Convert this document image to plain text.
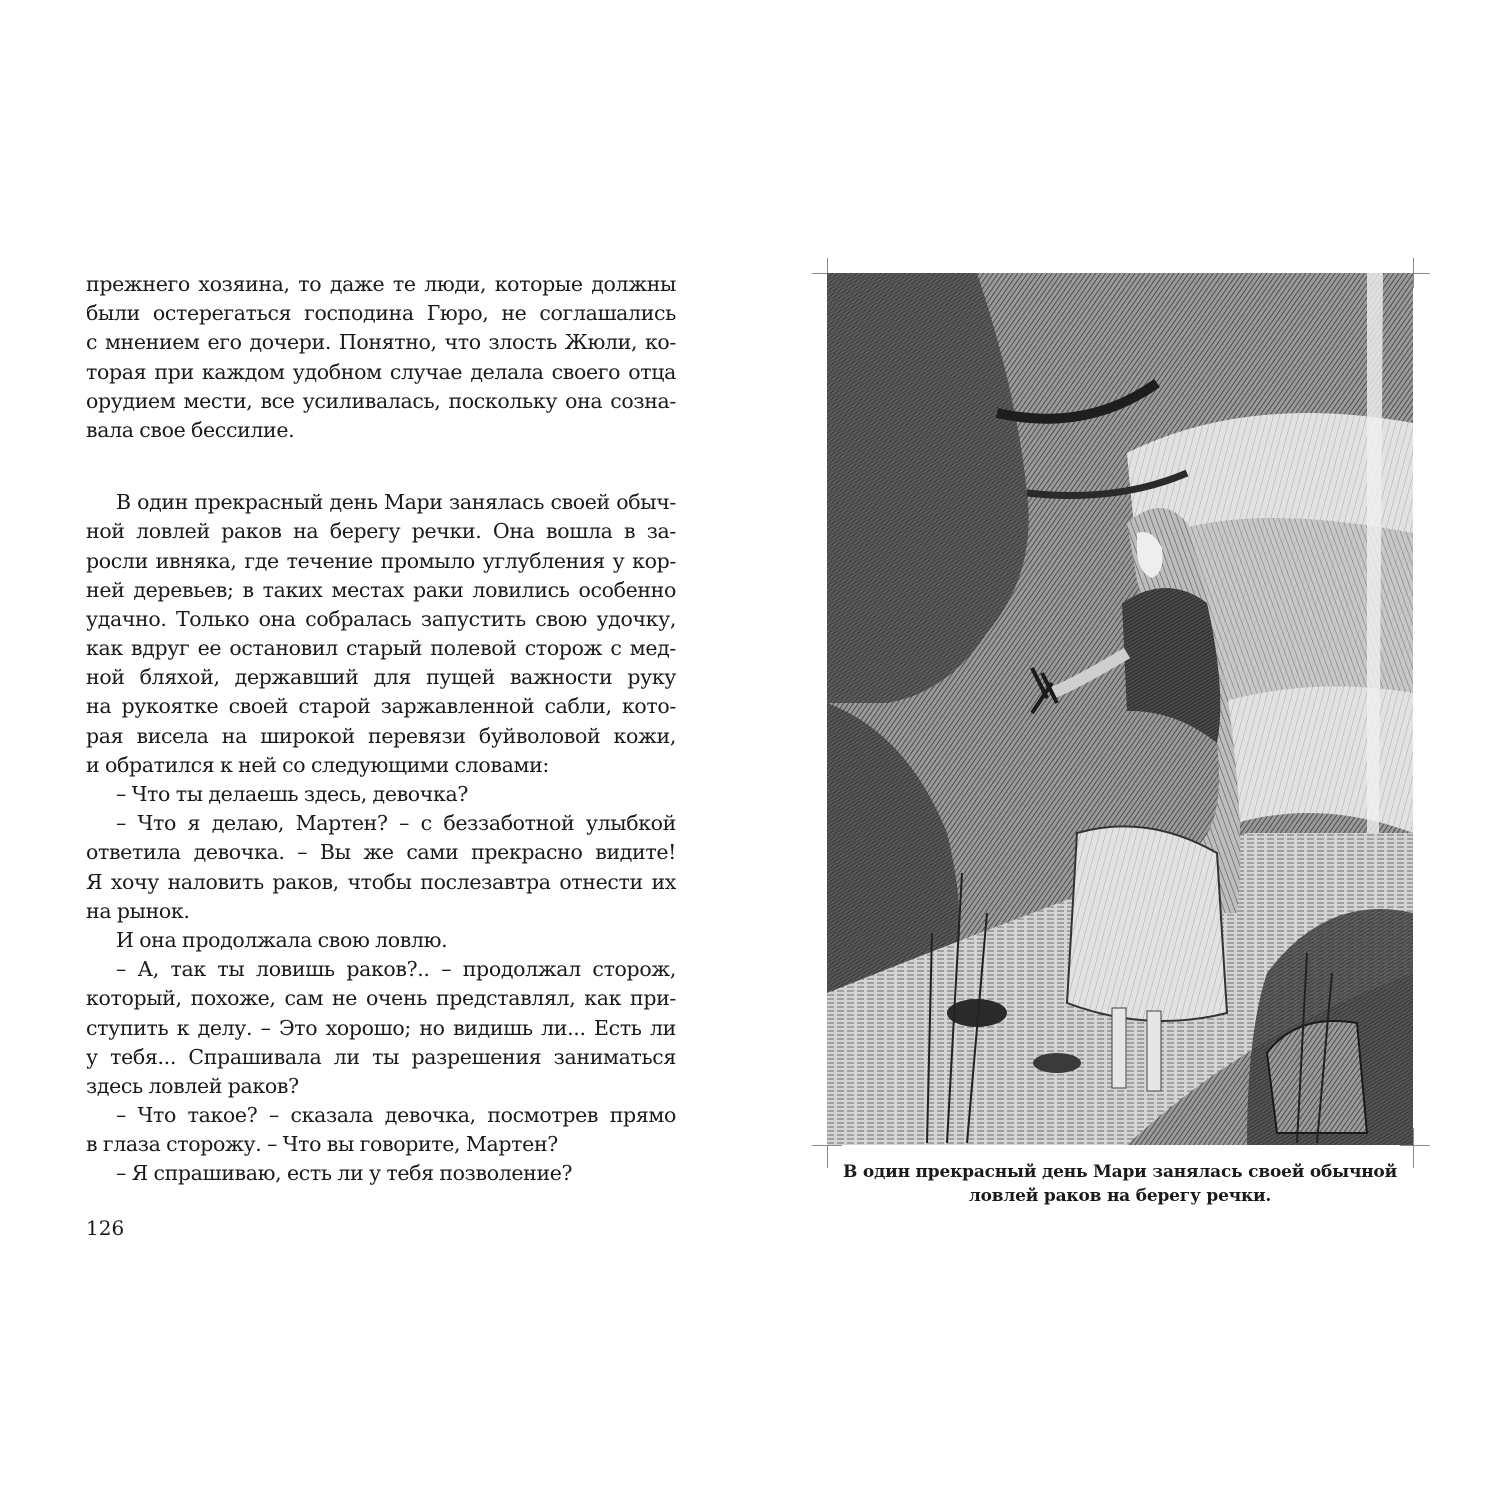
прежнего хозяина, то даже те люди, которые должны
были остерегаться господина Гюро, не соглашались
с мнением его дочери. Понятно, что злость Жюли, ко-
торая при каждом удобном случае делала своего отца
орудием мести, все усиливалась, поскольку она созна-
вала свое бессилие.
В один прекрасный день Мари занялась своей обыч-
ной ловлей раков на берегу речки. Она вошла в за-
росли ивняка, где течение промыло углубления у кор-
ней деревьев; в таких местах раки ловились особенно
удачно. Только она собралась запустить свою удочку,
как вдруг ее остановил старый полевой сторож с мед-
ной бляхой, державший для пущей важности руку
на рукоятке своей старой заржавленной сабли, кото-
рая висела на широкой перевязи буйволовой кожи,
и обратился к ней со следующими словами:
– Что ты делаешь здесь, девочка?
– Что я делаю, Мартен? – с беззаботной улыбкой
ответила девочка. – Вы же сами прекрасно видите!
Я хочу наловить раков, чтобы послезавтра отнести их
на рынок.
И она продолжала свою ловлю.
– А, так ты ловишь раков?.. – продолжал сторож,
который, похоже, сам не очень представлял, как при-
ступить к делу. – Это хорошо; но видишь ли... Есть ли
у тебя... Спрашивала ли ты разрешения заниматься
здесь ловлей раков?
– Что такое? – сказала девочка, посмотрев прямо
в глаза сторожу. – Что вы говорите, Мартен?
– Я спрашиваю, есть ли у тебя позволение?
126
В один прекрасный день Мари занялась своей обычной
ловлей раков на берегу речки.
